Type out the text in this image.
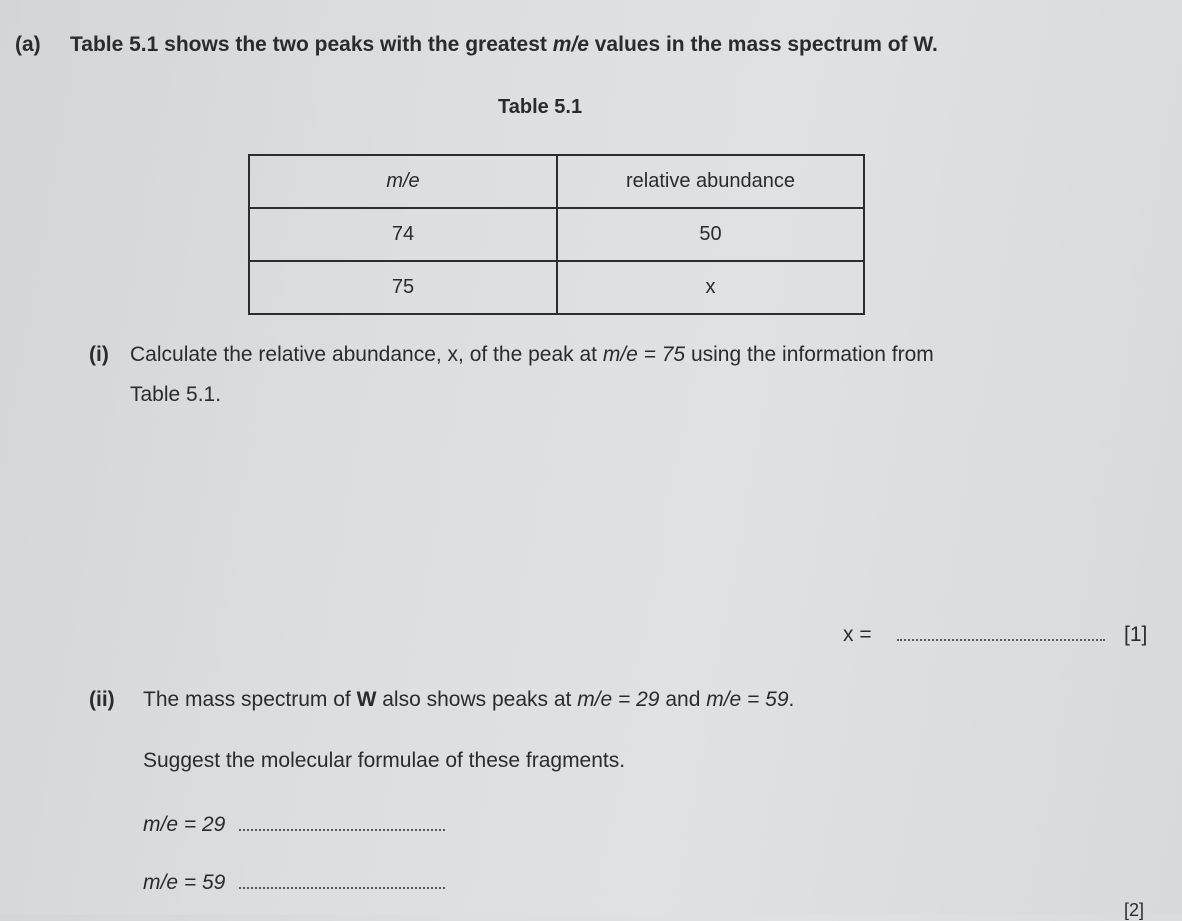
(a) Table 5.1 shows the two peaks with the greatest m/e values in the mass spectrum of W.
Table 5.1
m/e	relative abundance
74	50
75	x
(i) Calculate the relative abundance, x, of the peak at m/e = 75 using the information from
Table 5.1.
x =	[1]
(ii) The mass spectrum of W also shows peaks at m/e = 29 and m/e = 59.
Suggest the molecular formulae of these fragments.
m/e = 29
m/e = 59
[2]
